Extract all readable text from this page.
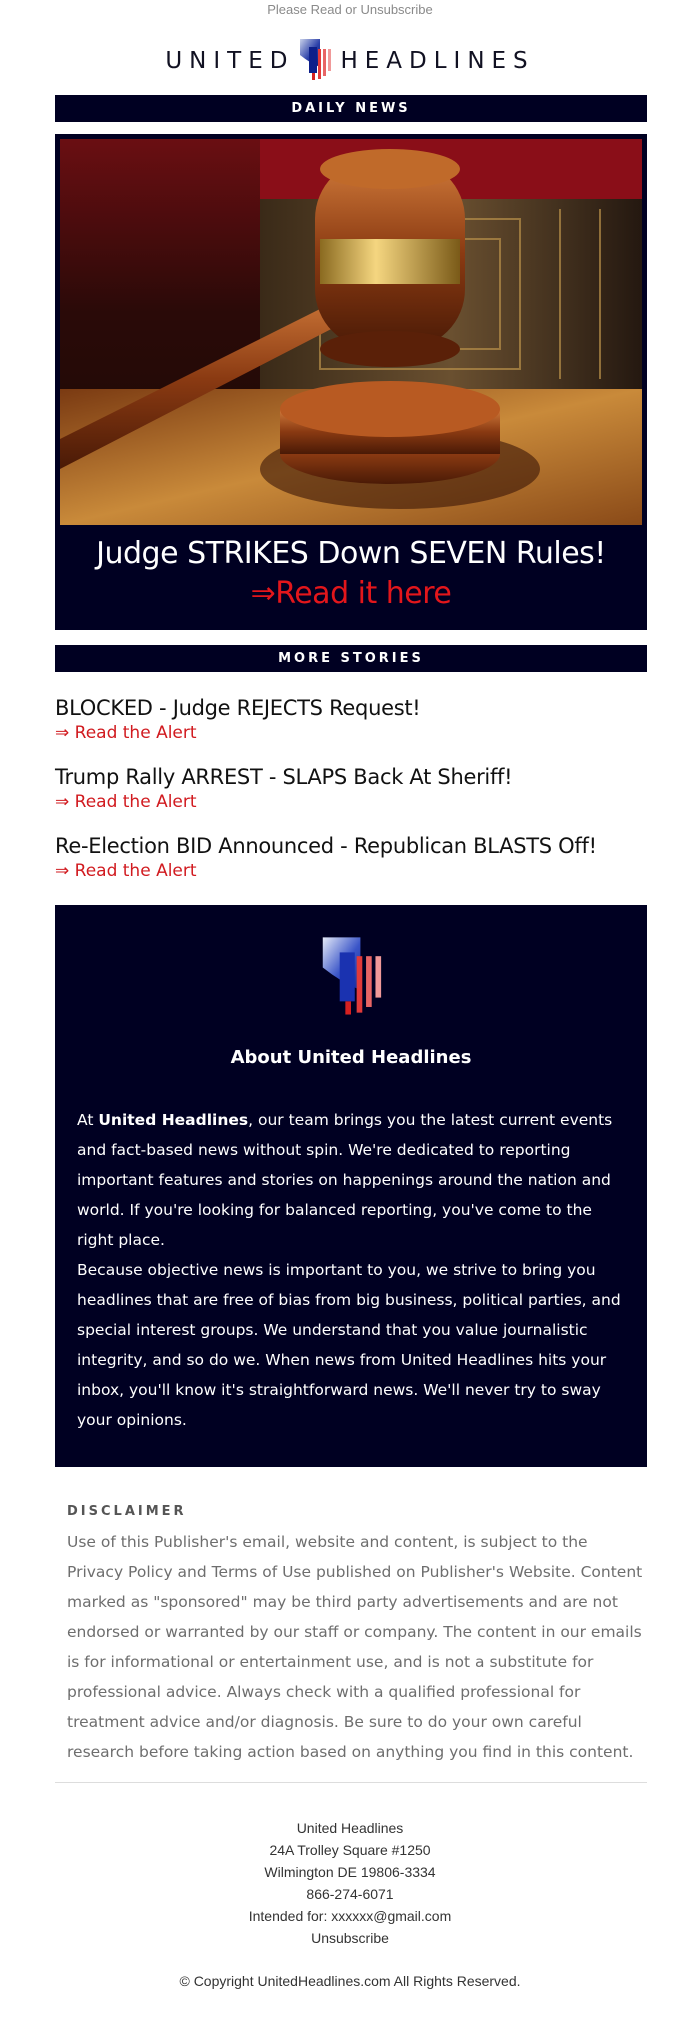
Please Read or Unsubscribe
UNITED HEADLINES
DAILY NEWS
Judge STRIKES Down SEVEN Rules!
⇒Read it here
MORE STORIES
BLOCKED - Judge REJECTS Request!
⇒ Read the Alert
Trump Rally ARREST - SLAPS Back At Sheriff!
⇒ Read the Alert
Re-Election BID Announced - Republican BLASTS Off!
⇒ Read the Alert
About United Headlines

At United Headlines, our team brings you the latest current events and fact-based news without spin. We're dedicated to reporting important features and stories on happenings around the nation and world. If you're looking for balanced reporting, you've come to the right place.

Because objective news is important to you, we strive to bring you headlines that are free of bias from big business, political parties, and special interest groups. We understand that you value journalistic integrity, and so do we. When news from United Headlines hits your inbox, you'll know it's straightforward news. We'll never try to sway your opinions.
DISCLAIMER
Use of this Publisher's email, website and content, is subject to the Privacy Policy and Terms of Use published on Publisher's Website. Content marked as "sponsored" may be third party advertisements and are not endorsed or warranted by our staff or company. The content in our emails is for informational or entertainment use, and is not a substitute for professional advice. Always check with a qualified professional for treatment advice and/or diagnosis. Be sure to do your own careful research before taking action based on anything you find in this content.
United Headlines
24A Trolley Square #1250
Wilmington DE 19806-3334
866-274-6071
Intended for: xxxxxx@gmail.com
Unsubscribe
© Copyright UnitedHeadlines.com All Rights Reserved.
